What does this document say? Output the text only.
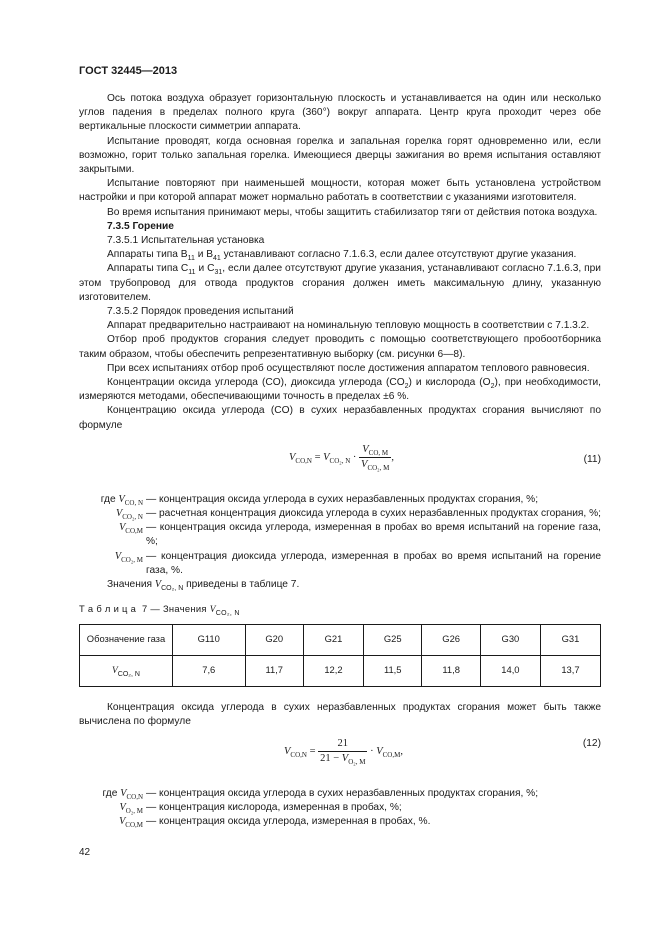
ГОСТ 32445—2013

Ось потока воздуха образует горизонтальную плоскость и устанавливается на один или несколько углов падения в пределах полного круга (360°) вокруг аппарата. Центр круга проходит через обе вертикальные плоскости симметрии аппарата.

Испытание проводят, когда основная горелка и запальная горелка горят одновременно или, если возможно, горит только запальная горелка. Имеющиеся дверцы зажигания во время испытания оставляют закрытыми.

Испытание повторяют при наименьшей мощности, которая может быть установлена устройством настройки и при которой аппарат может нормально работать в соответствии с указаниями изготовителя.

Во время испытания принимают меры, чтобы защитить стабилизатор тяги от действия потока воздуха.

7.3.5 Горение

7.3.5.1 Испытательная установка

Аппараты типа $B_{11}$ и $B_{41}$ устанавливают согласно 7.1.6.3, если далее отсутствуют другие указания.

Аппараты типа $C_{11}$ и $C_{31}$, если далее отсутствуют другие указания, устанавливают согласно 7.1.6.3, при этом трубопровод для отвода продуктов сгорания должен иметь максимальную длину, указанную изготовителем.

7.3.5.2 Порядок проведения испытаний

Аппарат предварительно настраивают на номинальную тепловую мощность в соответствии с 7.1.3.2.

Отбор проб продуктов сгорания следует проводить с помощью соответствующего пробоотборника таким образом, чтобы обеспечить репрезентативную выборку (см. рисунки 6—8).

При всех испытаниях отбор проб осуществляют после достижения аппаратом теплового равновесия.

Концентрации оксида углерода (CO), диоксида углерода $(CO_2)$ и кислорода $(O_2)$, при необходимости, измеряются методами, обеспечивающими точность в пределах ±6 %.

Концентрацию оксида углерода (CO) в сухих неразбавленных продуктах сгорания вычисляют по формуле

$V_{CO,N} = V_{CO_2, N} \cdot \frac{V_{CO, M}}{V_{CO_2, M}}$ ,	(11)
где $V_{CO, N}$ — концентрация оксида углерода в сухих неразбавленных продуктах сгорания, %;
$V_{CO_2, N}$ — расчетная концентрация диоксида углерода в сухих неразбавленных продуктах сгорания, %;
$V_{CO,M}$ — концентрация оксида углерода, измеренная в пробах во время испытаний на горение газа, %;
$V_{CO_2, M}$ — концентрация диоксида углерода, измеренная в пробах во время испытаний на горение газа, %.

Значения $V_{CO_2, N}$ приведены в таблице 7.

Т а б л и ц а 7 — Значения $V_{CO_2, N}$
Обозначение газа	G110	G20	G21	G25	G26	G30	G31
$V_{CO_2, N}$	7,6	11,7	12,2	11,5	11,8	14,0	13,7

Концентрация оксида углерода в сухих неразбавленных продуктах сгорания может быть также вычислена по формуле

$V_{CO,N} = \frac{21}{21 - V_{O_2, M}} \cdot V_{CO,M}$,
(12)
где $V_{CO,N}$ — концентрация оксида углерода в сухих неразбавленных продуктах сгорания, %;
$V_{O_2, M}$ — концентрация кислорода, измеренная в пробах, %;
$V_{CO,M}$ — концентрация оксида углерода, измеренная в пробах, %.
42
